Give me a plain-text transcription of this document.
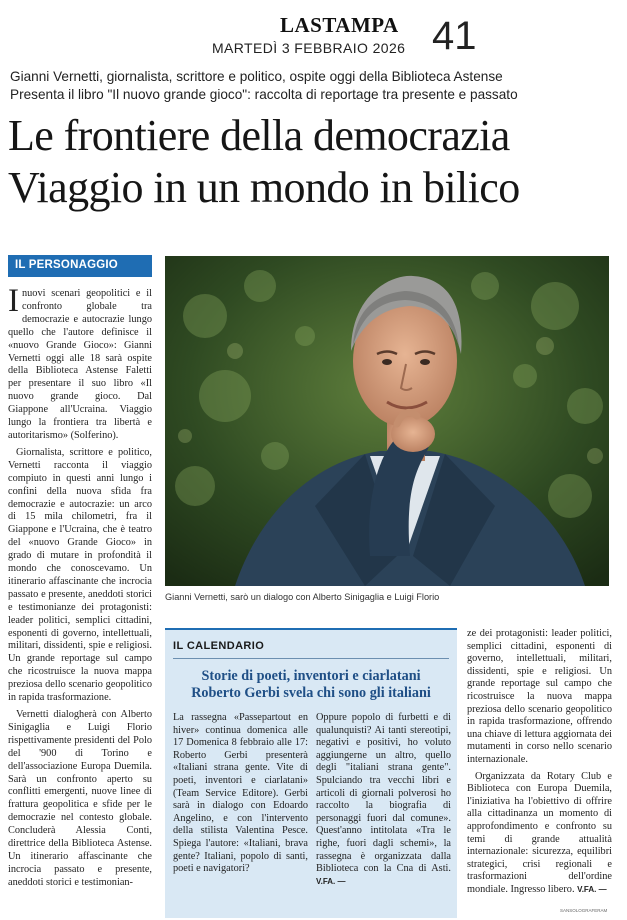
LASTAMPA
MARTEDÌ 3 FEBBRAIO 2026 41
Gianni Vernetti, giornalista, scrittore e politico, ospite oggi della Biblioteca Astense
Presenta il libro "Il nuovo grande gioco": raccolta di reportage tra presente e passato
Le frontiere della democrazia
Viaggio in un mondo in bilico
IL PERSONAGGIO

Inuovi scenari geopolitici e il confronto globale tra democrazie e autocrazie lungo quello che l'autore definisce il «nuovo Grande Gioco»: Gianni Vernetti oggi alle 18 sarà ospite della Biblioteca Astense Faletti per presentare il suo libro «Il nuovo grande gioco. Dal Giappone all'Ucraina. Viaggio lungo la frontiera tra libertà e autoritarismo» (Solferino).

Giornalista, scrittore e politico, Vernetti racconta il viaggio compiuto in questi anni lungo i confini della nuova sfida fra democrazie e autocrazie: un arco di 15 mila chilometri, fra il Giappone e l'Ucraina, che è teatro del «nuovo Grande Gioco» in grado di mutare in profondità il mondo che conoscevamo. Un itinerario affascinante che incrocia passato e presente, aneddoti storici e testimonianze dei protagonisti: leader politici, semplici cittadini, esponenti di governo, intellettuali, militari, dissidenti, spie e religiosi. Un grande reportage sul campo che ricostruisce la nuova mappa preziosa dello scenario geopolitico in rapida trasformazione.

Vernetti dialogherà con Alberto Sinigaglia e Luigi Florio rispettivamente presidenti del Polo del '900 di Torino e dell'associazione Europa Duemila. Sarà un confronto aperto su conflitti emergenti, nuove linee di frattura geopolitica e sfide per le democrazie nel contesto globale. Concluderà Alessia Conti, direttrice della Biblioteca Astense. Un itinerario affascinante che incrocia passato e presente, aneddoti storici e testimonian-

Gianni Vernetti, sarò un dialogo con Alberto Sinigaglia e Luigi Florio
IL CALENDARIO
Storie di poeti, inventori e ciarlatani
Roberto Gerbi svela chi sono gli italiani
La rassegna «Passepartout en hiver» continua domenica alle 17 Domenica 8 febbraio alle 17: Roberto Gerbi presenterà «Italiani strana gente. Vite di poeti, inventori e ciarlatani» (Team Service Editore). Gerbi sarà in dialogo con Edoardo Angelino, e con l'intervento della stilista Valentina Pesce. Spiega l'autore: «Italiani, brava gente? Italiani, popolo di santi, poeti e navigatori?
Oppure popolo di furbetti e di qualunquisti? Ai tanti stereotipi, negativi e positivi, ho voluto aggiungerne un altro, quello degli "italiani strana gente". Spulciando tra vecchi libri e articoli di giornali polverosi ho raccolto la biografia di personaggi fuori dal comune». Quest'anno intitolata «Tra le righe, fuori dagli schemi», la rassegna è organizzata dalla Biblioteca con la Cna di Asti. V.FA. —

ze dei protagonisti: leader politici, semplici cittadini, esponenti di governo, intellettuali, militari, dissidenti, spie e religiosi. Un grande reportage sul campo che ricostruisce la nuova mappa preziosa dello scenario geopolitico in rapida trasformazione, offrendo una chiave di lettura aggiornata dei mutamenti in corso nello scenario internazionale.

Organizzata da Rotary Club e Biblioteca con Europa Duemila, l'iniziativa ha l'obiettivo di offrire alla cittadinanza un momento di approfondimento e confronto su temi di grande attualità internazionale: sicurezza, equilibri strategici, crisi regionali e trasformazioni dell'ordine mondiale. Ingresso libero. V.FA. —

SANSOLOGRAFERAM
